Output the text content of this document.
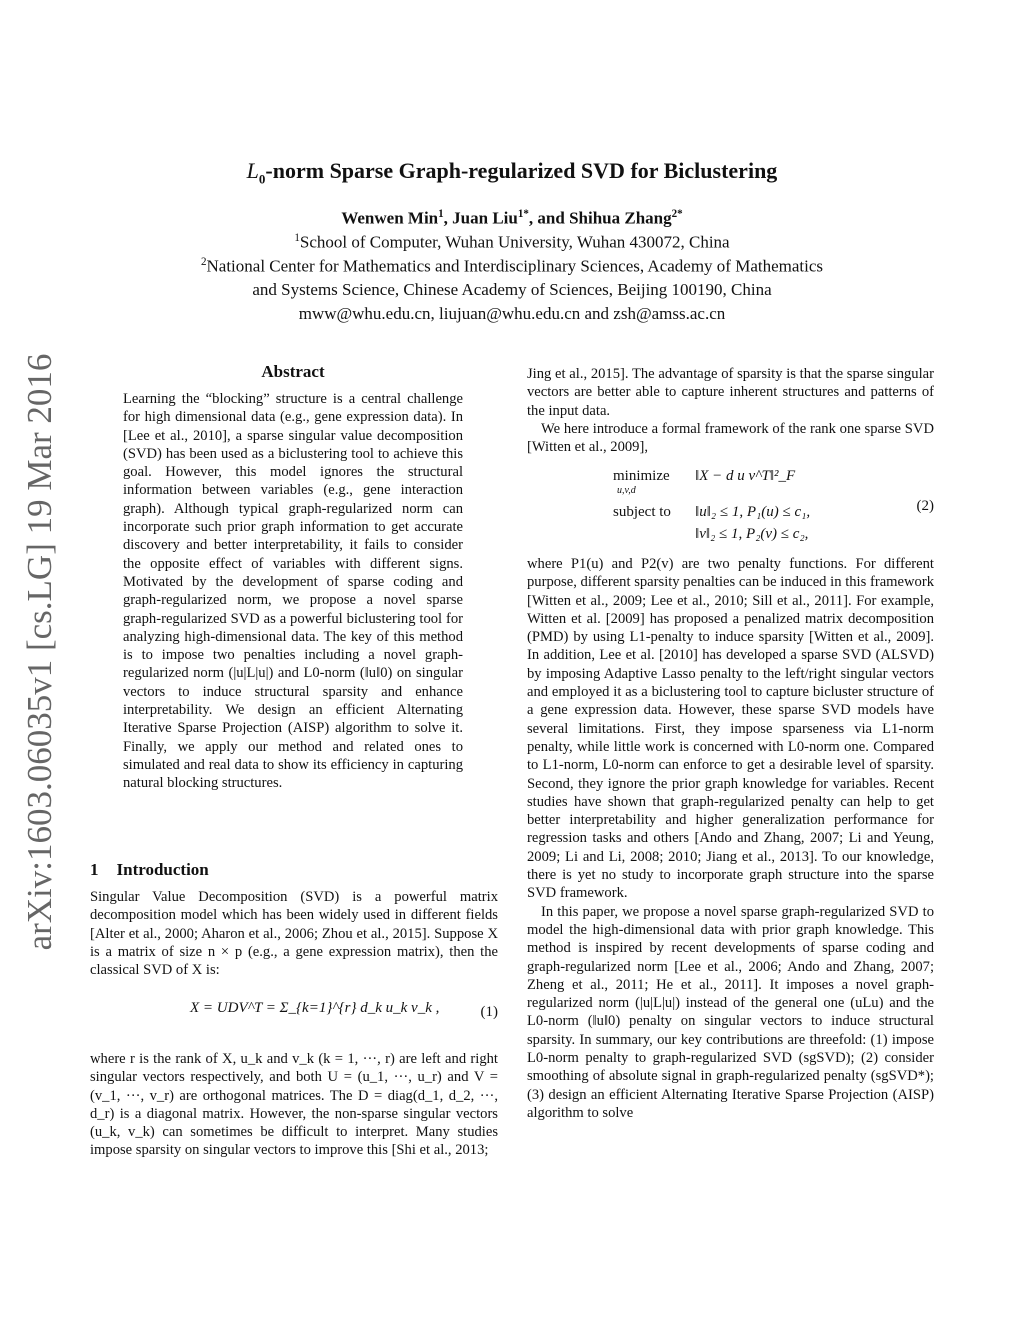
arXiv:1603.06035v1 [cs.LG] 19 Mar 2016
$L_0$-norm Sparse Graph-regularized SVD for Biclustering
Wenwen Min$^1$, Juan Liu$^{1*}$, and Shihua Zhang$^{2*}$
$^1$School of Computer, Wuhan University, Wuhan 430072, China
$^2$National Center for Mathematics and Interdisciplinary Sciences, Academy of Mathematics
and Systems Science, Chinese Academy of Sciences, Beijing 100190, China
mww@whu.edu.cn, liujuan@whu.edu.cn and zsh@amss.ac.cn
Abstract

Learning the “blocking” structure is a central challenge for high dimensional data (e.g., gene expression data). In [Lee et al., 2010], a sparse singular value decomposition (SVD) has been used as a biclustering tool to achieve this goal. However, this model ignores the structural information between variables (e.g., gene interaction graph). Although typical graph-regularized norm can incorporate such prior graph information to get accurate discovery and better interpretability, it fails to consider the opposite effect of variables with different signs. Motivated by the development of sparse coding and graph-regularized norm, we propose a novel sparse graph-regularized SVD as a powerful biclustering tool for analyzing high-dimensional data. The key of this method is to impose two penalties including a novel graph-regularized norm (|u|L|u|) and L0-norm (‖u‖0) on singular vectors to induce structural sparsity and enhance interpretability. We design an efficient Alternating Iterative Sparse Projection (AISP) algorithm to solve it. Finally, we apply our method and related ones to simulated and real data to show its efficiency in capturing natural blocking structures.

1 Introduction

Singular Value Decomposition (SVD) is a powerful matrix decomposition model which has been widely used in different fields [Alter et al., 2000; Aharon et al., 2006; Zhou et al., 2015]. Suppose X is a matrix of size n × p (e.g., a gene expression matrix), then the classical SVD of X is:

X = UDV^T = Σ_{k=1}^{r} d_k u_k v_k ,	(1)

where r is the rank of X, u_k and v_k (k = 1, ···, r) are left and right singular vectors respectively, and both U = (u_1, ···, u_r) and V = (v_1, ···, v_r) are orthogonal matrices. The D = diag(d_1, d_2, ···, d_r) is a diagonal matrix. However, the non-sparse singular vectors (u_k, v_k) can sometimes be difficult to interpret. Many studies impose sparsity on singular vectors to improve this [Shi et al., 2013;

Jing et al., 2015]. The advantage of sparsity is that the sparse singular vectors are better able to capture inherent structures and patterns of the input data.

We here introduce a formal framework of the rank one sparse SVD [Witten et al., 2009],

minimize
u,v,d
‖X − d u v^T‖²_F
subject to ‖u‖₂ ≤ 1, P₁(u) ≤ c₁,
‖v‖₂ ≤ 1, P₂(v) ≤ c₂,
(2)

where P1(u) and P2(v) are two penalty functions. For different purpose, different sparsity penalties can be induced in this framework [Witten et al., 2009; Lee et al., 2010; Sill et al., 2011]. For example, Witten et al. [2009] has proposed a penalized matrix decomposition (PMD) by using L1-penalty to induce sparsity [Witten et al., 2009]. In addition, Lee et al. [2010] has developed a sparse SVD (ALSVD) by imposing Adaptive Lasso penalty to the left/right singular vectors and employed it as a biclustering tool to capture bicluster structure of a gene expression data. However, these sparse SVD models have several limitations. First, they impose sparseness via L1-norm penalty, while little work is concerned with L0-norm one. Compared to L1-norm, L0-norm can enforce to get a desirable level of sparsity. Second, they ignore the prior graph knowledge for variables. Recent studies have shown that graph-regularized penalty can help to get better interpretability and higher generalization performance for regression tasks and others [Ando and Zhang, 2007; Li and Yeung, 2009; Li and Li, 2008; 2010; Jiang et al., 2013]. To our knowledge, there is yet no study to incorporate graph structure into the sparse SVD framework.

In this paper, we propose a novel sparse graph-regularized SVD to model the high-dimensional data with prior graph knowledge. This method is inspired by recent developments of sparse coding and graph-regularized norm [Lee et al., 2006; Ando and Zhang, 2007; Zheng et al., 2011; He et al., 2011]. It imposes a novel graph-regularized norm (|u|L|u|) instead of the general one (uLu) and the L0-norm (‖u‖0) penalty on singular vectors to induce structural sparsity. In summary, our key contributions are threefold: (1) impose L0-norm penalty to graph-regularized SVD (sgSVD); (2) consider smoothing of absolute signal in graph-regularized penalty (sgSVD*); (3) design an efficient Alternating Iterative Sparse Projection (AISP) algorithm to solve
